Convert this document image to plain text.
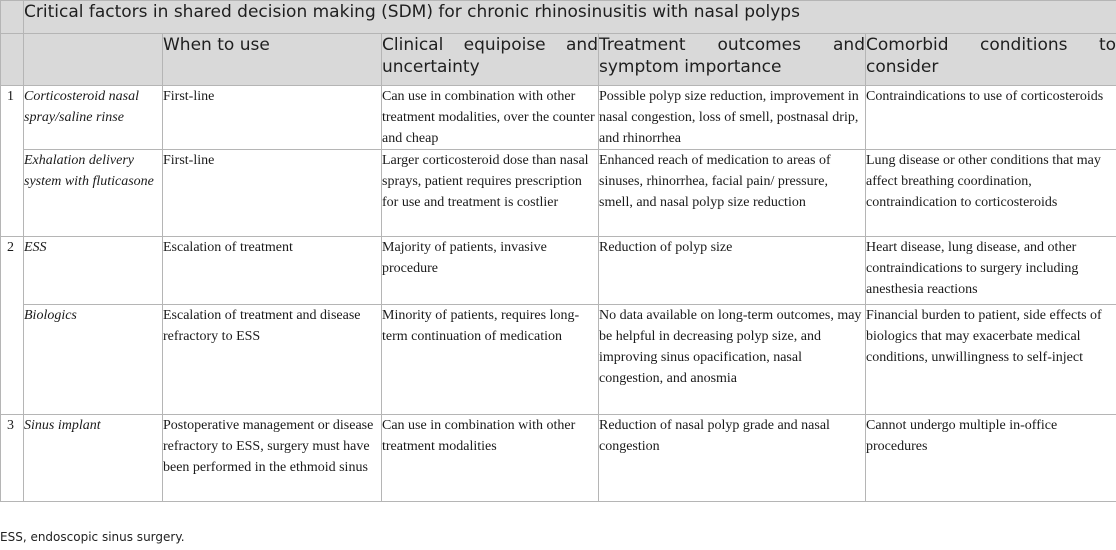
	Critical factors in shared decision making (SDM) for chronic rhinosinusitis with nasal polyps				
		When to use	Clinical equipoise and uncertainty	Treatment outcomes and symptom importance	Comorbid conditions to consider
1	Corticosteroid nasal spray/saline rinse	First-line	Can use in combination with other treatment modalities, over the counter and cheap	Possible polyp size reduction, improvement in nasal congestion, loss of smell, postnasal drip, and rhinorrhea	Contraindications to use of corticosteroids
	Exhalation delivery system with fluticasone	First-line	Larger corticosteroid dose than nasal sprays, patient requires prescription for use and treatment is costlier	Enhanced reach of medication to areas of sinuses, rhinorrhea, facial pain/ pressure, smell, and nasal polyp size reduction	Lung disease or other conditions that may affect breathing coordination, contraindication to corticosteroids
2	ESS	Escalation of treatment	Majority of patients, invasive procedure	Reduction of polyp size	Heart disease, lung disease, and other contraindications to surgery including anesthesia reactions
	Biologics	Escalation of treatment and disease refractory to ESS	Minority of patients, requires long-term continuation of medication	No data available on long-term outcomes, may be helpful in decreasing polyp size, and improving sinus opacification, nasal congestion, and anosmia	Financial burden to patient, side effects of biologics that may exacerbate medical conditions, unwillingness to self-inject
3	Sinus implant	Postoperative management or disease refractory to ESS, surgery must have been performed in the ethmoid sinus	Can use in combination with other treatment modalities	Reduction of nasal polyp grade and nasal congestion	Cannot undergo multiple in-office procedures
ESS, endoscopic sinus surgery.
